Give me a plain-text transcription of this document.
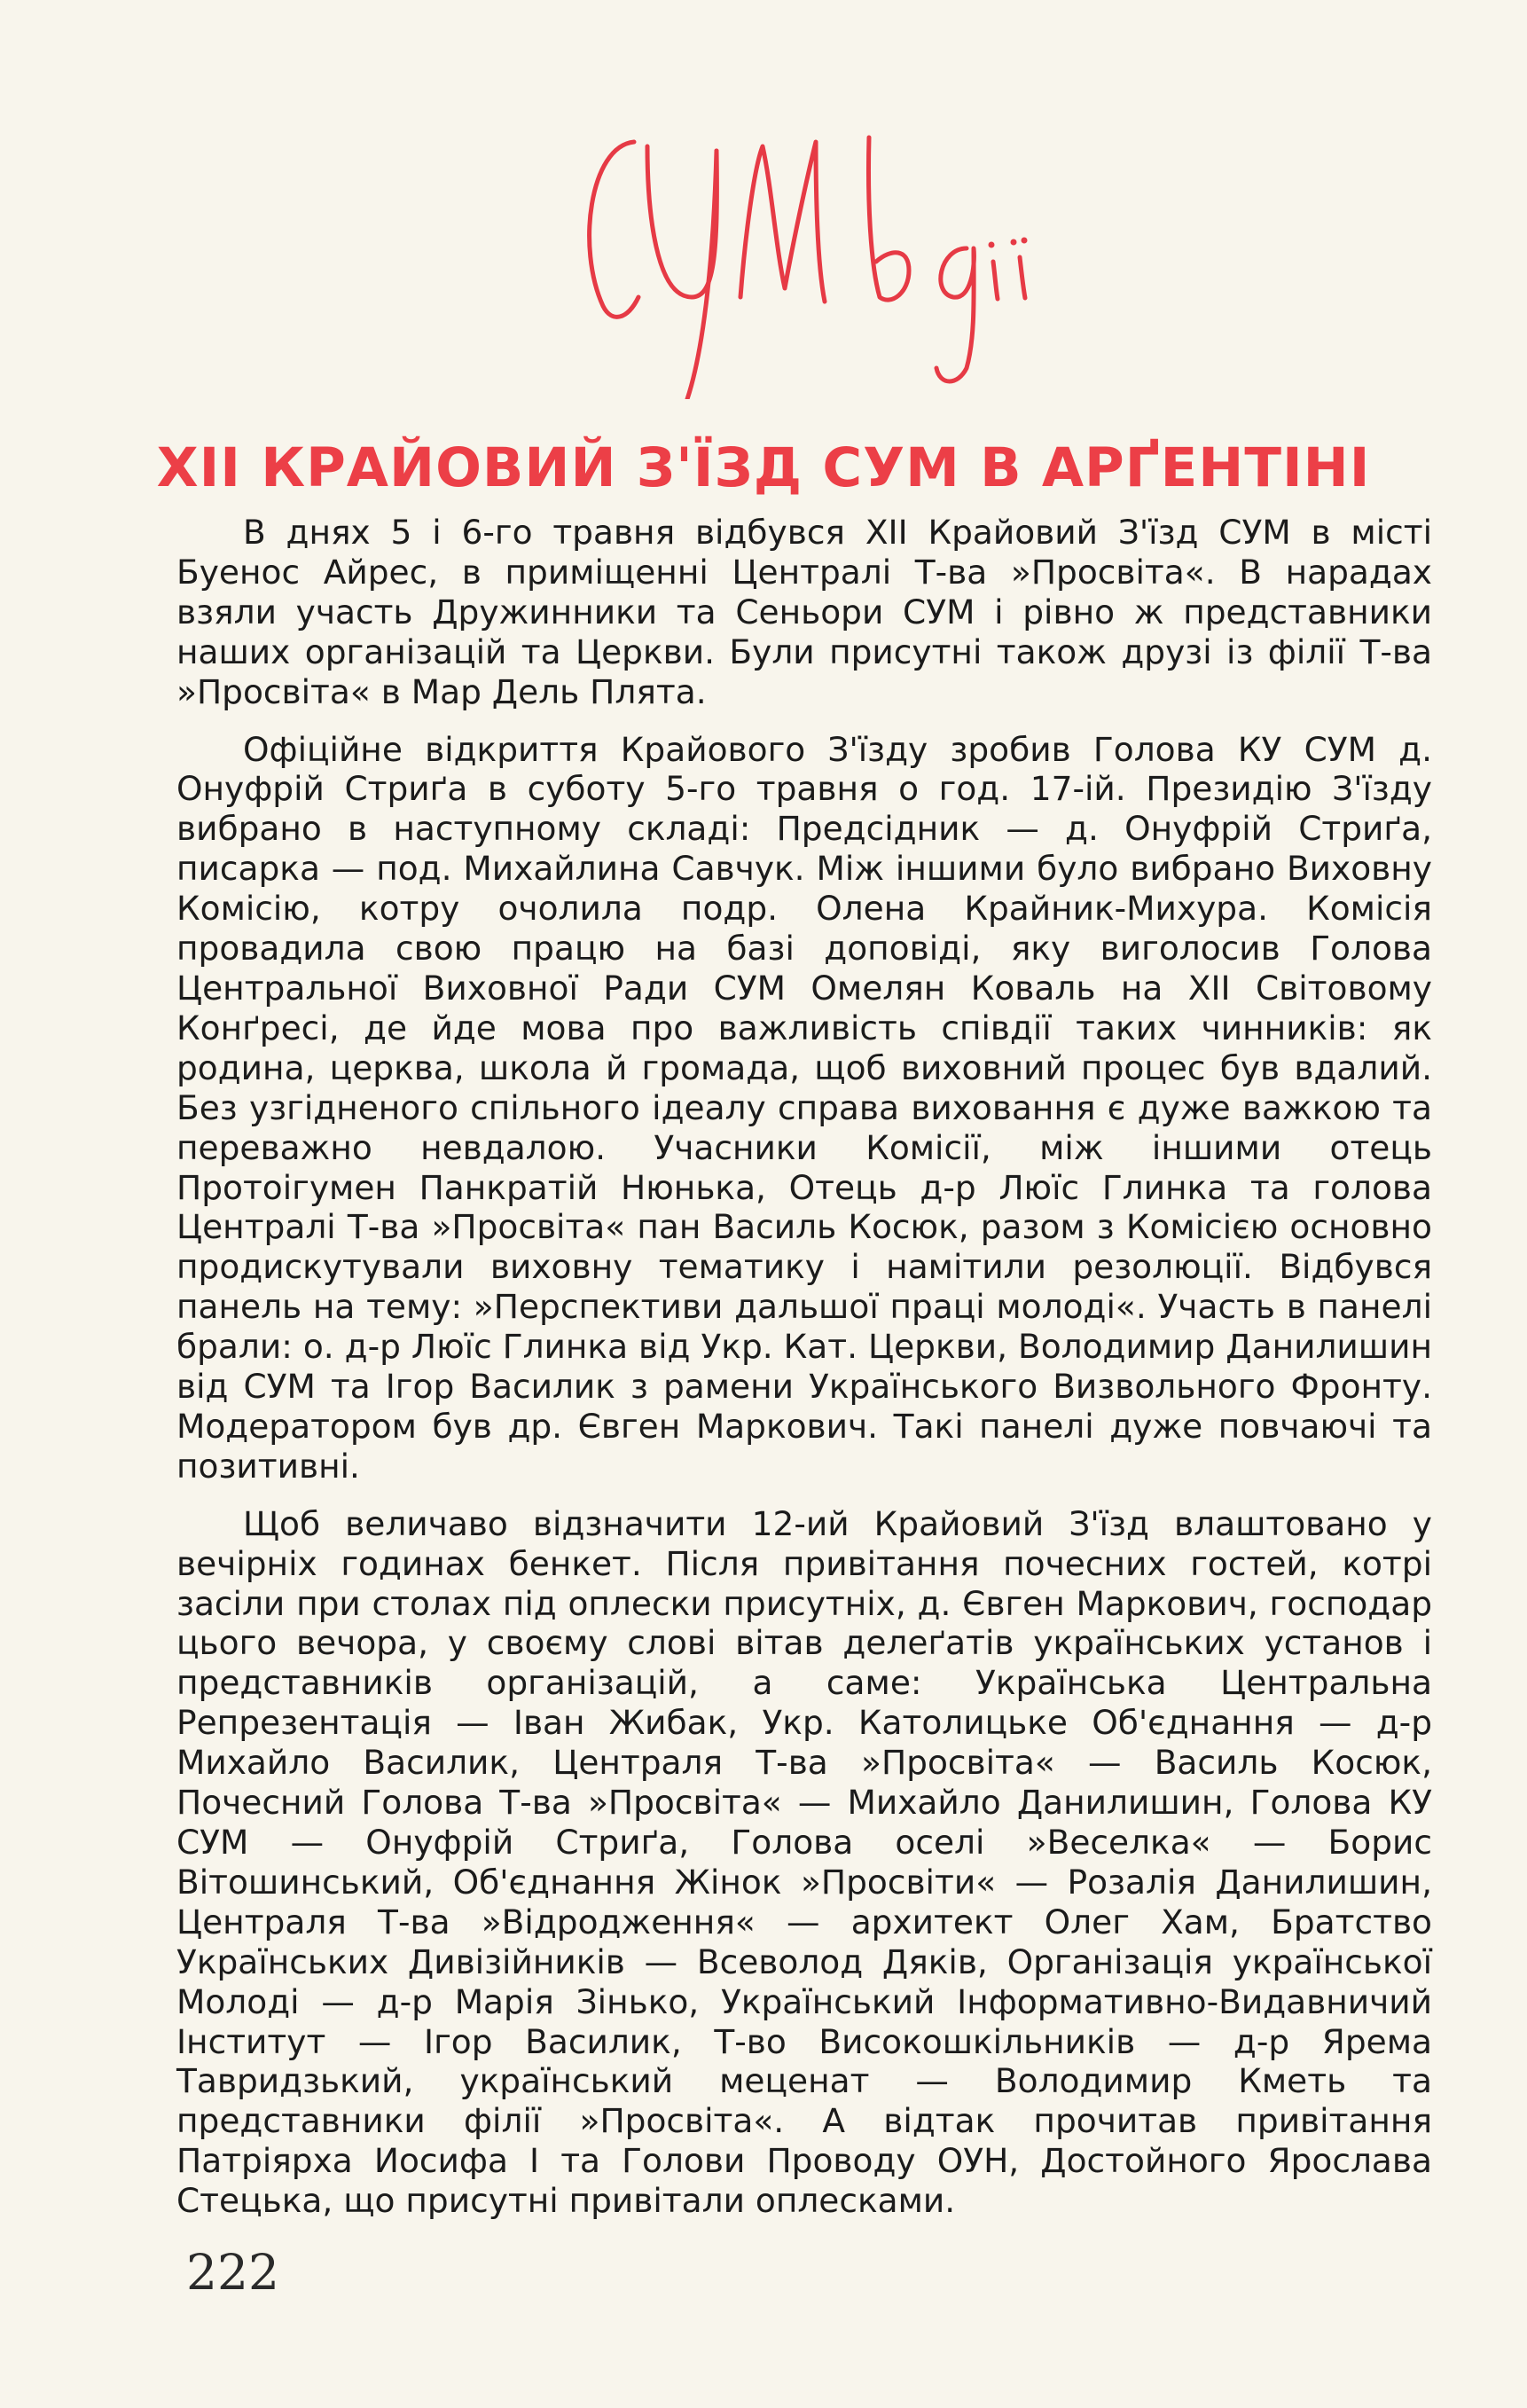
XII КРАЙОВИЙ З'ЇЗД СУМ В АРҐЕНТІНІ

В днях 5 і 6-го травня відбувся XII Крайовий З'їзд СУМ в місті Буенос Айрес, в приміщенні Централі Т-ва »Просвіта«. В нарадах взяли участь Дружинники та Сеньори СУМ і рівно ж представники наших організацій та Церкви. Були присутні також друзі із філії Т-ва »Просвіта« в Мар Дель Плята.

Офіційне відкриття Крайового З'їзду зробив Голова КУ СУМ д. Онуфрій Стриґа в суботу 5-го травня о год. 17-ій. Президію З'їзду вибрано в наступному складі: Предсідник — д. Онуфрій Стриґа, писарка — под. Михайлина Савчук. Між іншими було вибрано Виховну Комісію, котру очолила подр. Олена Крайник-Михура. Комісія провадила свою працю на базі доповіді, яку виголосив Голова Центральної Виховної Ради СУМ Омелян Коваль на XII Світовому Конґресі, де йде мова про важливість співдії таких чинників: як родина, церква, школа й громада, щоб виховний процес був вдалий. Без узгідненого спільного ідеалу справа виховання є дуже важкою та переважно невдалою. Учасники Комісії, між іншими отець Протоігумен Панкратій Нюнька, Отець д-р Люїс Глинка та голова Централі Т-ва »Просвіта« пан Василь Косюк, разом з Комісією основно продискутували виховну тематику і намітили резолюції. Відбувся панель на тему: »Перспективи дальшої праці молоді«. Участь в панелі брали: о. д-р Люїс Глинка від Укр. Кат. Церкви, Володимир Данилишин від СУМ та Ігор Василик з рамени Українського Визвольного Фронту. Модератором був др. Євген Маркович. Такі панелі дуже повчаючі та позитивні.

Щоб величаво відзначити 12-ий Крайовий З'їзд влаштовано у вечірніх годинах бенкет. Після привітання почесних гостей, котрі засіли при столах під оплески присутніх, д. Євген Маркович, господар цього вечора, у своєму слові вітав делеґатів українських установ і представників організацій, а саме: Українська Центральна Репрезентація — Іван Жибак, Укр. Католицьке Об'єднання — д-р Михайло Василик, Централя Т-ва »Просвіта« — Василь Косюк, Почесний Голова Т-ва »Просвіта« — Михайло Данилишин, Голова КУ СУМ — Онуфрій Стриґа, Голова оселі »Веселка« — Борис Вітошинський, Об'єднання Жінок »Просвіти« — Розалія Данилишин, Централя Т-ва »Відродження« — архитект Олег Хам, Братство Українських Дивізійників — Всеволод Дяків, Організація української Молоді — д-р Марія Зінько, Український Інформативно-Видавничий Інститут — Ігор Василик, Т-во Високошкільників — д-р Ярема Тавридзький, український меценат — Володимир Кметь та представники філії »Просвіта«. А відтак прочитав привітання Патріярха Иосифа І та Голови Проводу ОУН, Достойного Ярослава Стецька, що присутні привітали оплесками.

222
